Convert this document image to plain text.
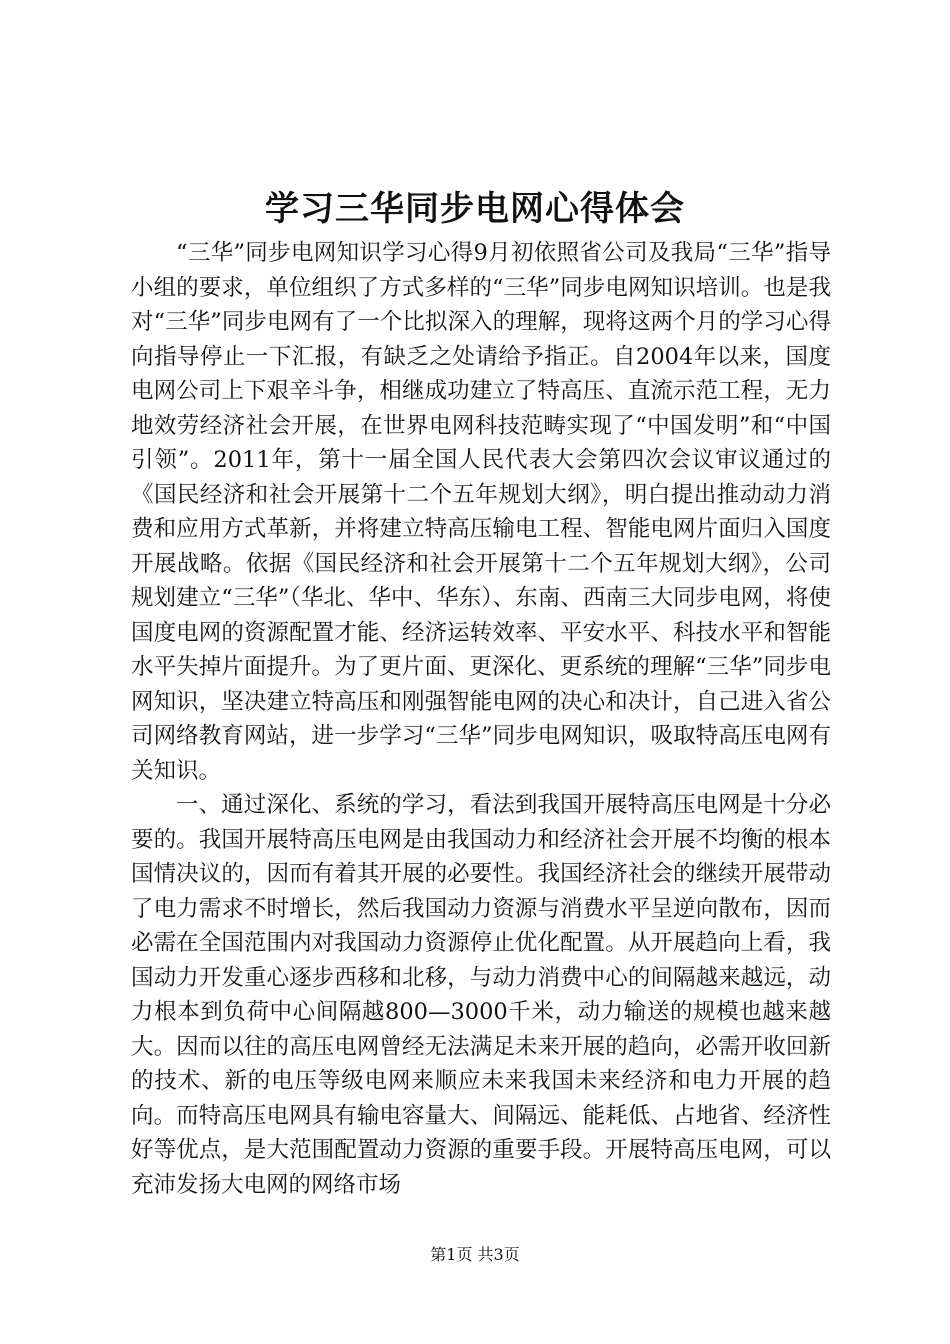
学习三华同步电网心得体会

“三华”同步电网知识学习心得9月初依照省公司及我局“三华”指导小组的要求，单位组织了方式多样的“三华”同步电网知识培训。也是我对“三华”同步电网有了一个比拟深入的理解，现将这两个月的学习心得向指导停止一下汇报，有缺乏之处请给予指正。自2004年以来，国度电网公司上下艰辛斗争，相继成功建立了特高压、直流示范工程，无力地效劳经济社会开展，在世界电网科技范畴实现了“中国发明”和“中国引领”。2011年，第十一届全国人民代表大会第四次会议审议通过的《国民经济和社会开展第十二个五年规划大纲》，明白提出推动动力消费和应用方式革新，并将建立特高压输电工程、智能电网片面归入国度开展战略。依据《国民经济和社会开展第十二个五年规划大纲》，公司规划建立“三华”（华北、华中、华东）、东南、西南三大同步电网，将使国度电网的资源配置才能、经济运转效率、平安水平、科技水平和智能水平失掉片面提升。为了更片面、更深化、更系统的理解“三华”同步电网知识，坚决建立特高压和刚强智能电网的决心和决计，自己进入省公司网络教育网站，进一步学习“三华”同步电网知识，吸取特高压电网有关知识。

一、通过深化、系统的学习，看法到我国开展特高压电网是十分必要的。我国开展特高压电网是由我国动力和经济社会开展不均衡的根本国情决议的，因而有着其开展的必要性。我国经济社会的继续开展带动了电力需求不时增长，然后我国动力资源与消费水平呈逆向散布，因而必需在全国范围内对我国动力资源停止优化配置。从开展趋向上看，我国动力开发重心逐步西移和北移，与动力消费中心的间隔越来越远，动力根本到负荷中心间隔越800—3000千米，动力输送的规模也越来越大。因而以往的高压电网曾经无法满足未来开展的趋向，必需开收回新的技术、新的电压等级电网来顺应未来我国未来经济和电力开展的趋向。而特高压电网具有输电容量大、间隔远、能耗低、占地省、经济性好等优点，是大范围配置动力资源的重要手段。开展特高压电网，可以充沛发扬大电网的网络市场

第1页 共3页
